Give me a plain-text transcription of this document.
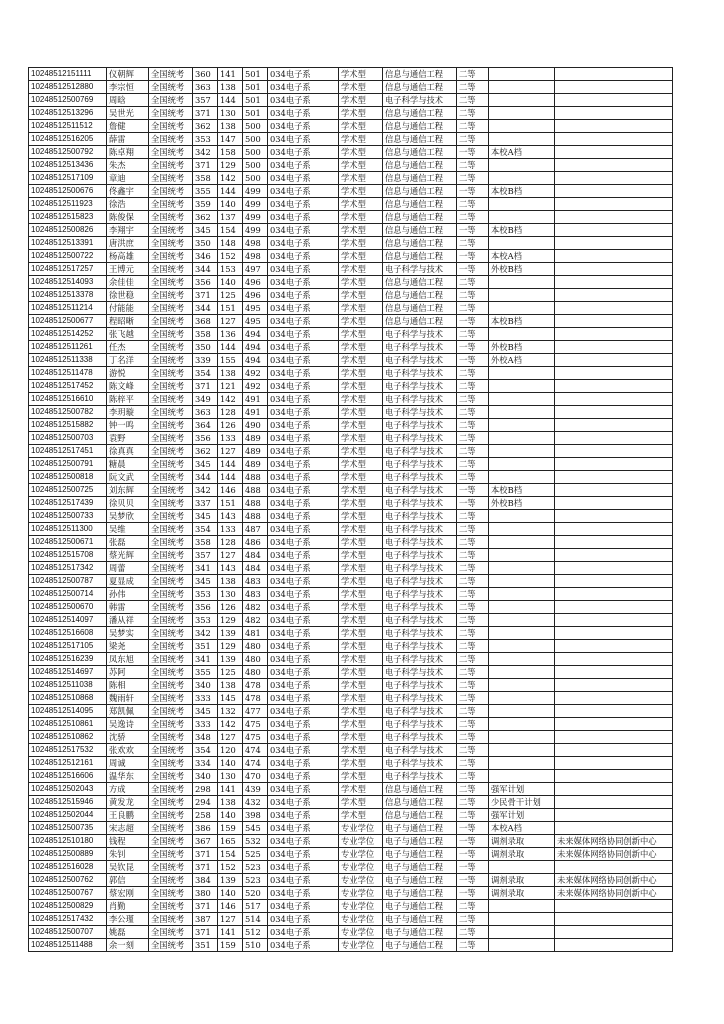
10248512151111	仪朝辉	全国统考	360	141	501	034电子系	学术型	信息与通信工程	二等		
10248512512880	李宗恒	全国统考	363	138	501	034电子系	学术型	信息与通信工程	二等		
10248512500769	周晗	全国统考	357	144	501	034电子系	学术型	电子科学与技术	二等		
10248512513296	吴世光	全国统考	371	130	501	034电子系	学术型	信息与通信工程	二等		
10248512511512	詹健	全国统考	362	138	500	034电子系	学术型	信息与通信工程	二等		
10248512516205	薛雷	全国统考	353	147	500	034电子系	学术型	信息与通信工程	二等		
10248512500792	陈卓翔	全国统考	342	158	500	034电子系	学术型	信息与通信工程	一等	本校A档	
10248512513436	朱杰	全国统考	371	129	500	034电子系	学术型	信息与通信工程	二等		
10248512517109	章迪	全国统考	358	142	500	034电子系	学术型	信息与通信工程	二等		
10248512500676	佟鑫宇	全国统考	355	144	499	034电子系	学术型	信息与通信工程	一等	本校B档	
10248512511923	徐浩	全国统考	359	140	499	034电子系	学术型	信息与通信工程	二等		
10248512515823	陈俊保	全国统考	362	137	499	034电子系	学术型	信息与通信工程	二等		
10248512500826	李翔宇	全国统考	345	154	499	034电子系	学术型	信息与通信工程	一等	本校B档	
10248512513391	唐洪庶	全国统考	350	148	498	034电子系	学术型	信息与通信工程	二等		
10248512500722	杨高雄	全国统考	346	152	498	034电子系	学术型	信息与通信工程	一等	本校A档	
10248512517257	王博元	全国统考	344	153	497	034电子系	学术型	电子科学与技术	一等	外校B档	
10248512514093	余佳佳	全国统考	356	140	496	034电子系	学术型	信息与通信工程	二等		
10248512513378	徐世稳	全国统考	371	125	496	034电子系	学术型	信息与通信工程	二等		
10248512511214	付能能	全国统考	344	151	495	034电子系	学术型	信息与通信工程	二等		
10248512500677	程昭晰	全国统考	368	127	495	034电子系	学术型	信息与通信工程	一等	本校B档	
10248512514252	张飞越	全国统考	358	136	494	034电子系	学术型	电子科学与技术	二等		
10248512511261	任杰	全国统考	350	144	494	034电子系	学术型	电子科学与技术	一等	外校B档	
10248512511338	丁名洋	全国统考	339	155	494	034电子系	学术型	电子科学与技术	一等	外校A档	
10248512511478	游悦	全国统考	354	138	492	034电子系	学术型	电子科学与技术	二等		
10248512517452	陈文峰	全国统考	371	121	492	034电子系	学术型	电子科学与技术	二等		
10248512516610	陈梓平	全国统考	349	142	491	034电子系	学术型	电子科学与技术	二等		
10248512500782	李玥璇	全国统考	363	128	491	034电子系	学术型	电子科学与技术	二等		
10248512515882	钟一鸣	全国统考	364	126	490	034电子系	学术型	电子科学与技术	二等		
10248512500703	袁野	全国统考	356	133	489	034电子系	学术型	电子科学与技术	二等		
10248512517451	徐真真	全国统考	362	127	489	034电子系	学术型	电子科学与技术	二等		
10248512500791	糖晨	全国统考	345	144	489	034电子系	学术型	电子科学与技术	二等		
10248512500818	阮文武	全国统考	344	144	488	034电子系	学术型	电子科学与技术	二等		
10248512500725	刘东辉	全国统考	342	146	488	034电子系	学术型	电子科学与技术	一等	本校B档	
10248512517439	徐贝贝	全国统考	337	151	488	034电子系	学术型	电子科学与技术	一等	外校B档	
10248512500733	吴梦欣	全国统考	345	143	488	034电子系	学术型	电子科学与技术	二等		
10248512511300	吴维	全国统考	354	133	487	034电子系	学术型	电子科学与技术	二等		
10248512500671	张磊	全国统考	358	128	486	034电子系	学术型	电子科学与技术	二等		
10248512515708	蔡光辉	全国统考	357	127	484	034电子系	学术型	电子科学与技术	二等		
10248512517342	周蕾	全国统考	341	143	484	034电子系	学术型	电子科学与技术	二等		
10248512500787	夏显成	全国统考	345	138	483	034电子系	学术型	电子科学与技术	二等		
10248512500714	孙伟	全国统考	353	130	483	034电子系	学术型	电子科学与技术	二等		
10248512500670	韩雷	全国统考	356	126	482	034电子系	学术型	电子科学与技术	二等		
10248512514097	潘从祥	全国统考	353	129	482	034电子系	学术型	电子科学与技术	二等		
10248512516608	吴梦实	全国统考	342	139	481	034电子系	学术型	电子科学与技术	二等		
10248512517105	梁尧	全国统考	351	129	480	034电子系	学术型	电子科学与技术	二等		
10248512516239	凤东旭	全国统考	341	139	480	034电子系	学术型	电子科学与技术	二等		
10248512514697	苏阿	全国统考	355	125	480	034电子系	学术型	电子科学与技术	二等		
10248512511038	陈相	全国统考	340	138	478	034电子系	学术型	电子科学与技术	二等		
10248512510868	魏雨轩	全国统考	333	145	478	034电子系	学术型	电子科学与技术	二等		
10248512514095	郑凯佩	全国统考	345	132	477	034电子系	学术型	电子科学与技术	二等		
10248512510861	吴逸诗	全国统考	333	142	475	034电子系	学术型	电子科学与技术	二等		
10248512510862	沈骄	全国统考	348	127	475	034电子系	学术型	电子科学与技术	二等		
10248512517532	张欢欢	全国统考	354	120	474	034电子系	学术型	电子科学与技术	二等		
10248512512161	周诚	全国统考	334	140	474	034电子系	学术型	电子科学与技术	二等		
10248512516606	温华东	全国统考	340	130	470	034电子系	学术型	电子科学与技术	二等		
10248512502043	方成	全国统考	298	141	439	034电子系	学术型	信息与通信工程	二等	强军计划	
10248512515946	黄发龙	全国统考	294	138	432	034电子系	学术型	信息与通信工程	二等	少民骨干计划	
10248512502044	王良鹏	全国统考	258	140	398	034电子系	学术型	信息与通信工程	二等	强军计划	
10248512500735	宋志超	全国统考	386	159	545	034电子系	专业学位	电子与通信工程	一等	本校A档	
10248512510180	钱程	全国统考	367	165	532	034电子系	专业学位	电子与通信工程	一等	调剂录取	未来媒体网络协同创新中心
10248512500889	朱钊	全国统考	371	154	525	034电子系	专业学位	电子与通信工程	一等	调剂录取	未来媒体网络协同创新中心
10248512516028	吴钦昆	全国统考	371	152	523	034电子系	专业学位	电子与通信工程	一等		
10248512500762	郭信	全国统考	384	139	523	034电子系	专业学位	电子与通信工程	一等	调剂录取	未来媒体网络协同创新中心
10248512500767	蔡宏刚	全国统考	380	140	520	034电子系	专业学位	电子与通信工程	一等	调剂录取	未来媒体网络协同创新中心
10248512500829	肖勤	全国统考	371	146	517	034电子系	专业学位	电子与通信工程	二等		
10248512517432	李公瑾	全国统考	387	127	514	034电子系	专业学位	电子与通信工程	二等		
10248512500707	姚磊	全国统考	371	141	512	034电子系	专业学位	电子与通信工程	二等		
10248512511488	余一刻	全国统考	351	159	510	034电子系	专业学位	电子与通信工程	二等		
